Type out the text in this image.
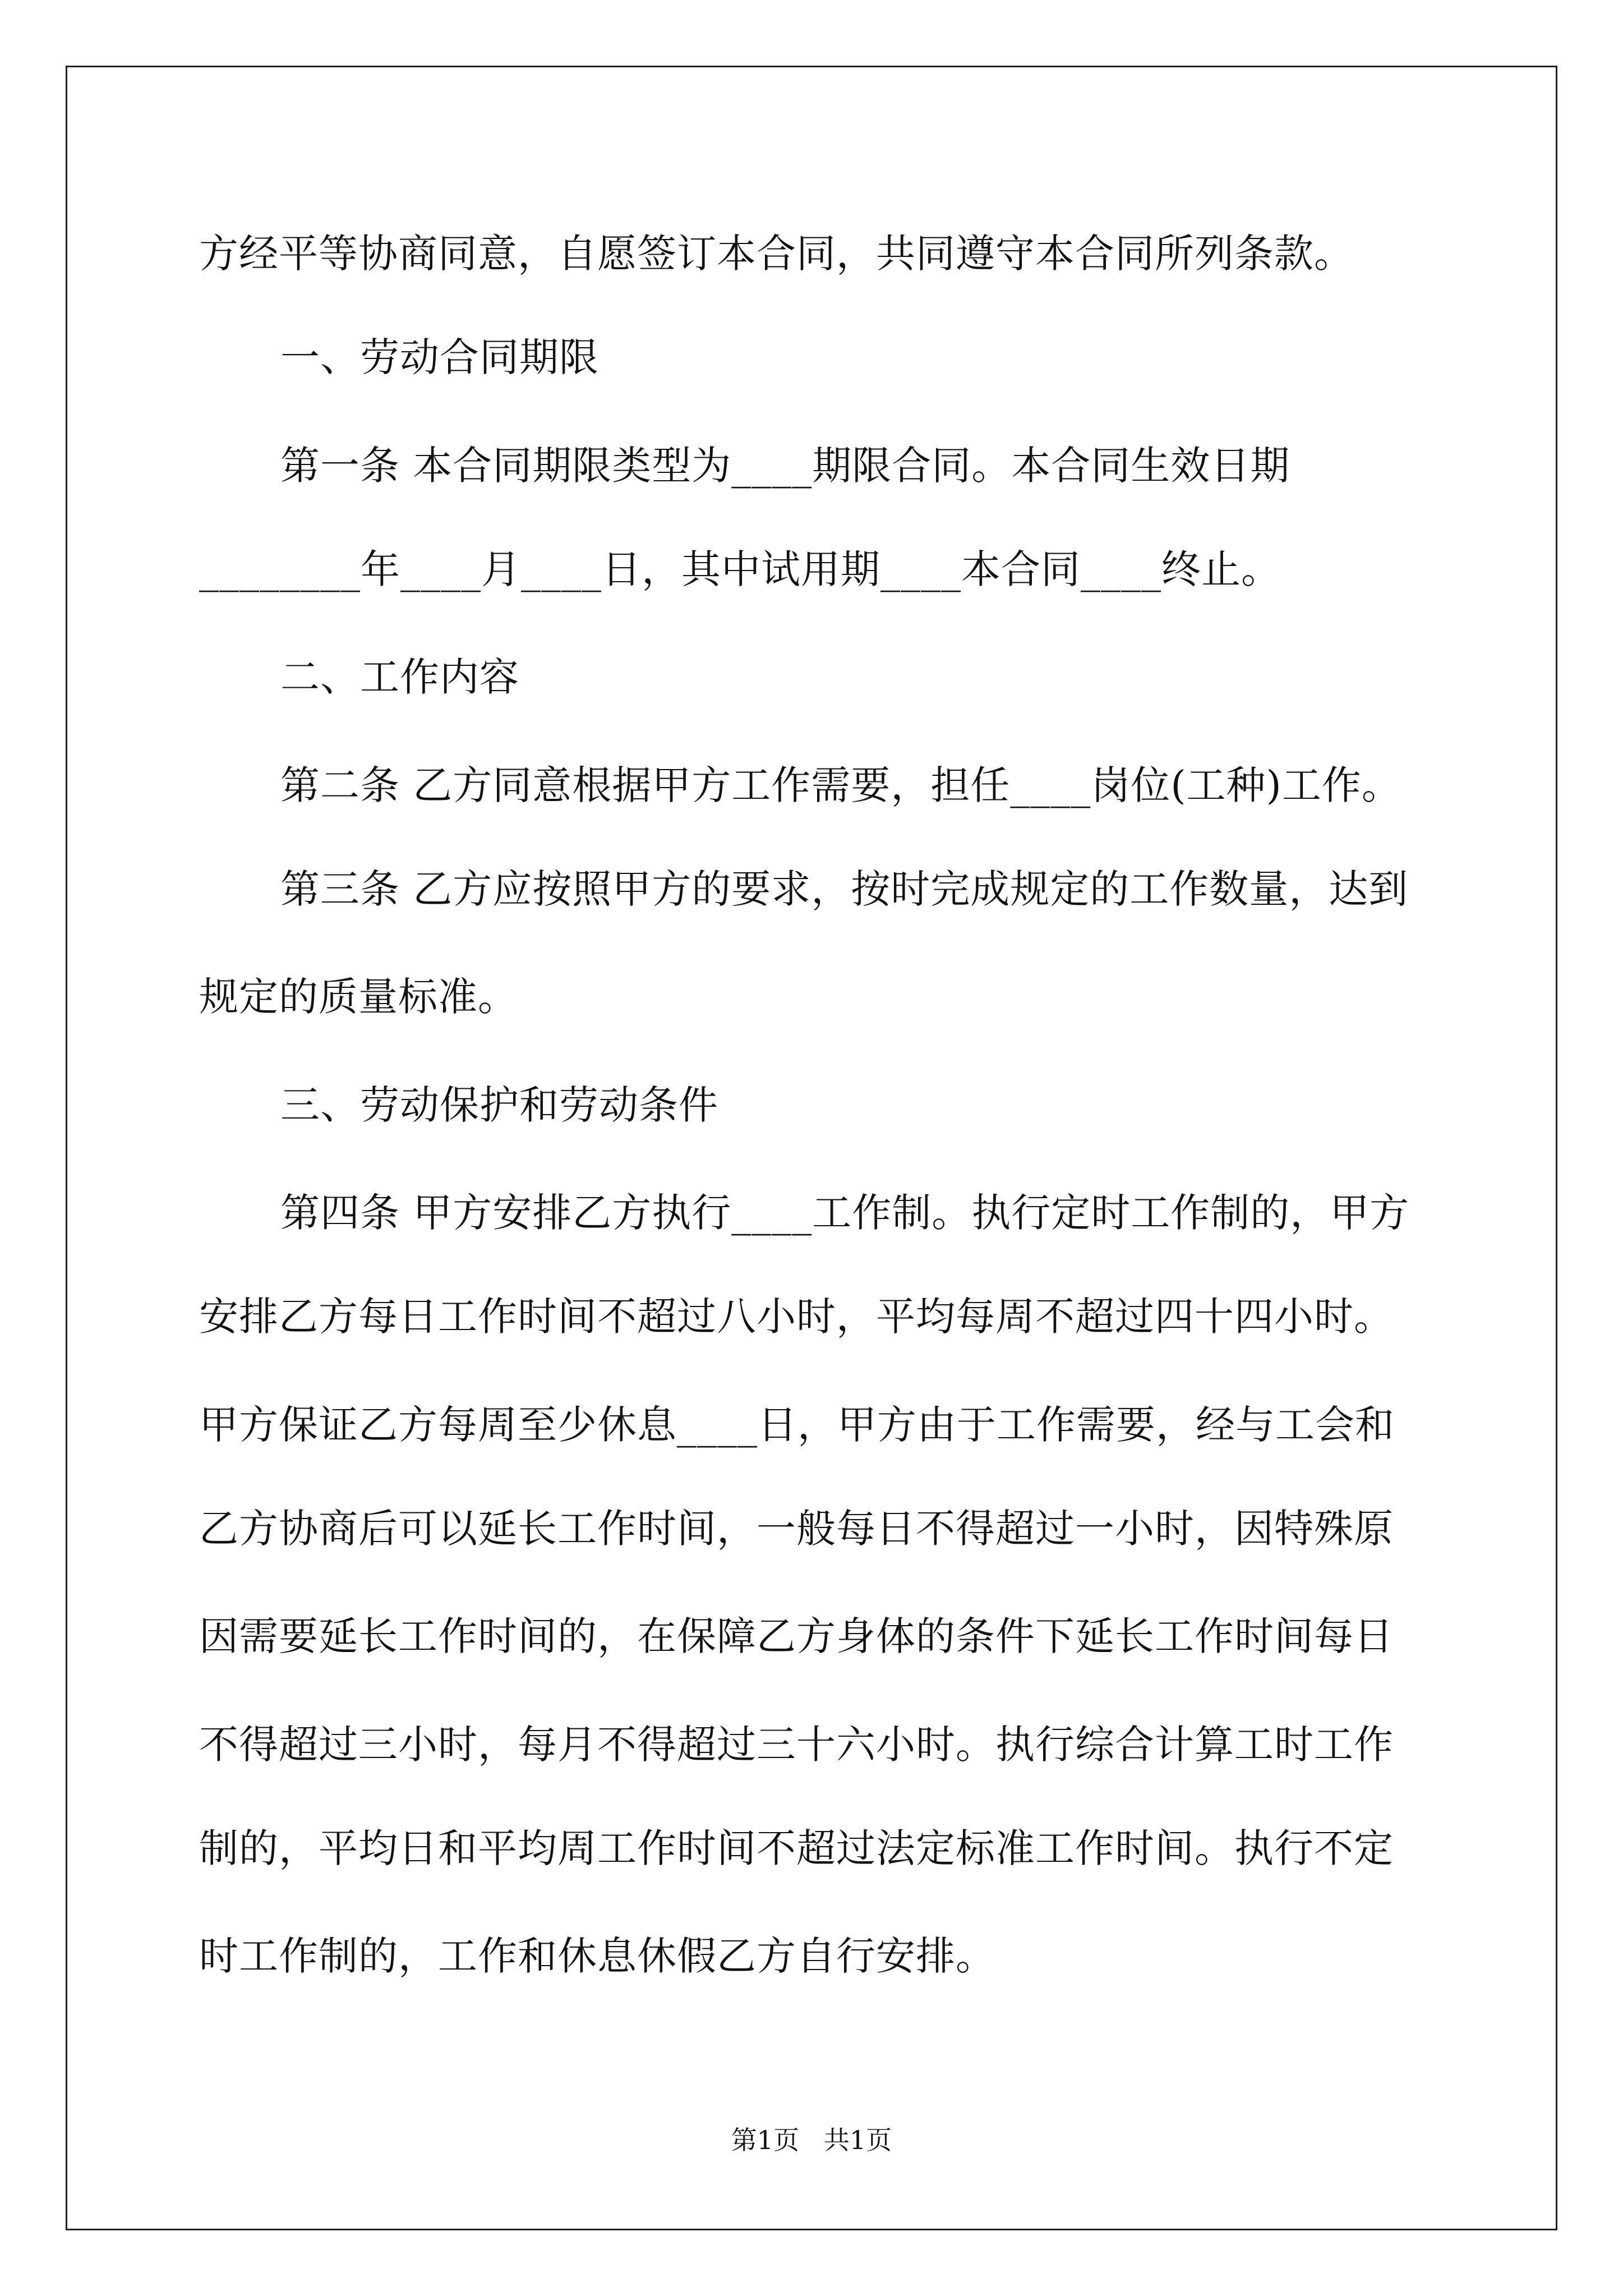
方经平等协商同意，自愿签订本合同，共同遵守本合同所列条款。

一、劳动合同期限

第一条 本合同期限类型为____期限合同。本合同生效日期

________年____月____日，其中试用期____本合同____终止。

二、工作内容

第二条 乙方同意根据甲方工作需要，担任____岗位(工种)工作。

第三条 乙方应按照甲方的要求，按时完成规定的工作数量，达到

规定的质量标准。

三、劳动保护和劳动条件

第四条 甲方安排乙方执行____工作制。执行定时工作制的，甲方

安排乙方每日工作时间不超过八小时，平均每周不超过四十四小时。

甲方保证乙方每周至少休息____日，甲方由于工作需要，经与工会和

乙方协商后可以延长工作时间，一般每日不得超过一小时，因特殊原

因需要延长工作时间的，在保障乙方身体的条件下延长工作时间每日

不得超过三小时，每月不得超过三十六小时。执行综合计算工时工作

制的，平均日和平均周工作时间不超过法定标准工作时间。执行不定

时工作制的，工作和休息休假乙方自行安排。

第1页   共1页
